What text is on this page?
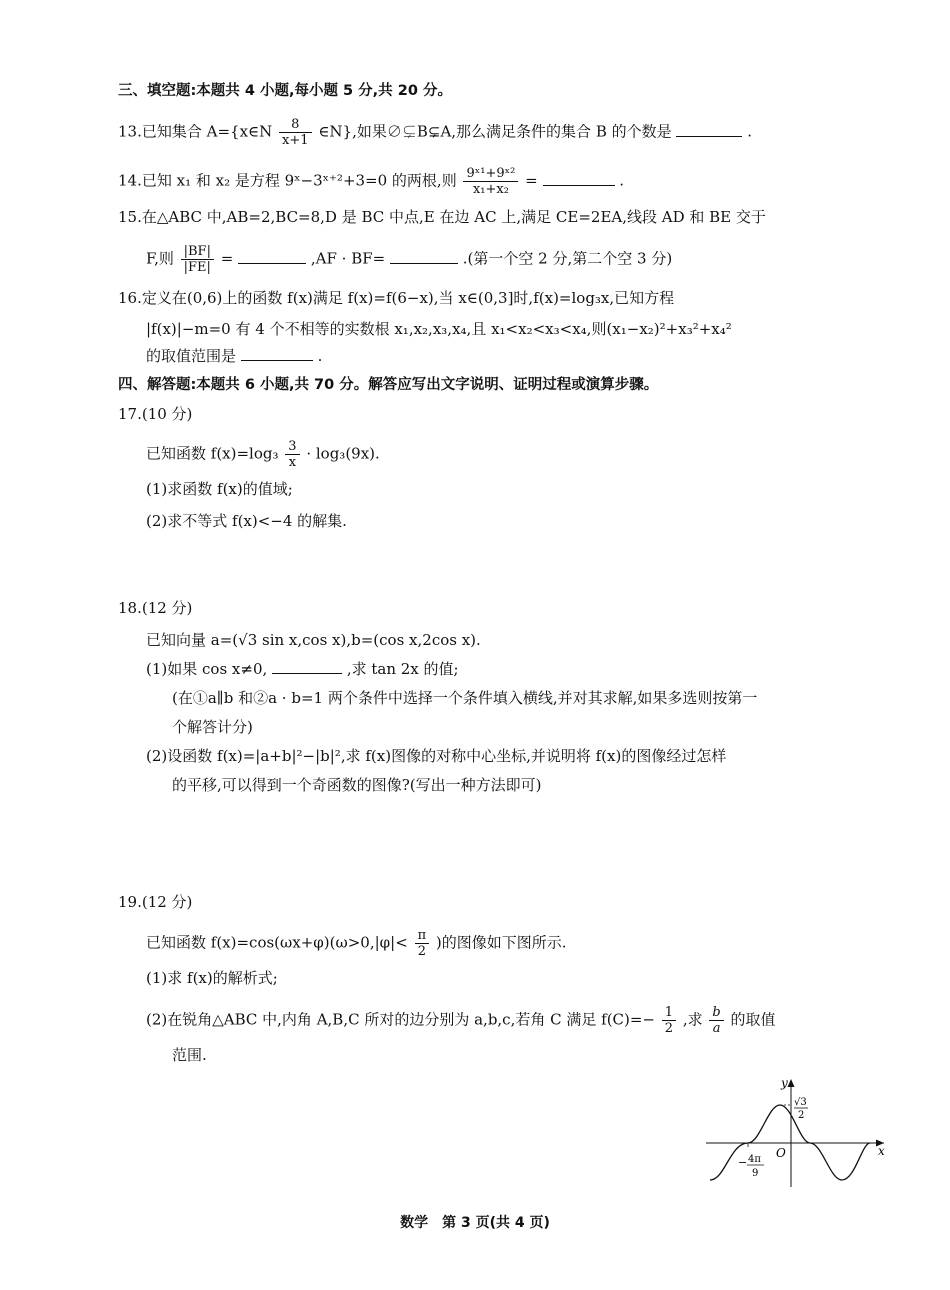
三、填空题:本题共 4 小题,每小题 5 分,共 20 分。
13.已知集合 A={x∈N $\frac{8}{x+1}$ ∈N},如果∅⊊B⊊A,那么满足条件的集合 B 的个数是	.
14.已知 x₁ 和 x₂ 是方程 9ˣ−3ˣ⁺²+3=0 的两根,则 $\frac{\text{9ˣ¹+9ˣ²}}{\text{x₁+x₂}}$ =	.
15.在△ABC 中,AB=2,BC=8,D 是 BC 中点,E 在边 AC 上,满足 CE=2EA,线段 AD 和 BE 交于
F,则 $\frac{|BF|}{|FE|}$ =	,AF · BF=	.(第一个空 2 分,第二个空 3 分)
16.定义在(0,6)上的函数 f(x)满足 f(x)=f(6−x),当 x∈(0,3]时,f(x)=log₃x,已知方程
|f(x)|−m=0 有 4 个不相等的实数根 x₁,x₂,x₃,x₄,且 x₁<x₂<x₃<x₄,则(x₁−x₂)²+x₃²+x₄²
的取值范围是	.
四、解答题:本题共 6 小题,共 70 分。解答应写出文字说明、证明过程或演算步骤。
17.(10 分)
已知函数 $f(x)=\log_3 \frac{3}{x} \cdot \log_3(9x)$.
(1)求函数 f(x)的值域;
(2)求不等式 f(x)<−4 的解集.
18.(12 分)
已知向量 a=(√3 sin x,cos x),b=(cos x,2cos x).
(1)如果 cos x≠0,	,求 tan 2x 的值;
(在①a∥b 和②a · b=1 两个条件中选择一个条件填入横线,并对其求解,如果多选则按第一
个解答计分)
(2)设函数 f(x)=|a+b|²−|b|²,求 f(x)图像的对称中心坐标,并说明将 f(x)的图像经过怎样
的平移,可以得到一个奇函数的图像?(写出一种方法即可)
19.(12 分)
已知函数 $f(x)=\cos(\omega x+\varphi)(\omega>0,|\varphi|< \frac{\pi}{2}$ )的图像如下图所示.
(1)求 f(x)的解析式;
(2)在锐角△ABC 中,内角 A,B,C 所对的边分别为 a,b,c,若角 C 满足 $f(C)=- \frac{1}{2}$ ,求 $\frac{b}{a}$ 的取值
范围.
y
x
O
√3
2
− 4π
9
数学　第 3 页(共 4 页)
